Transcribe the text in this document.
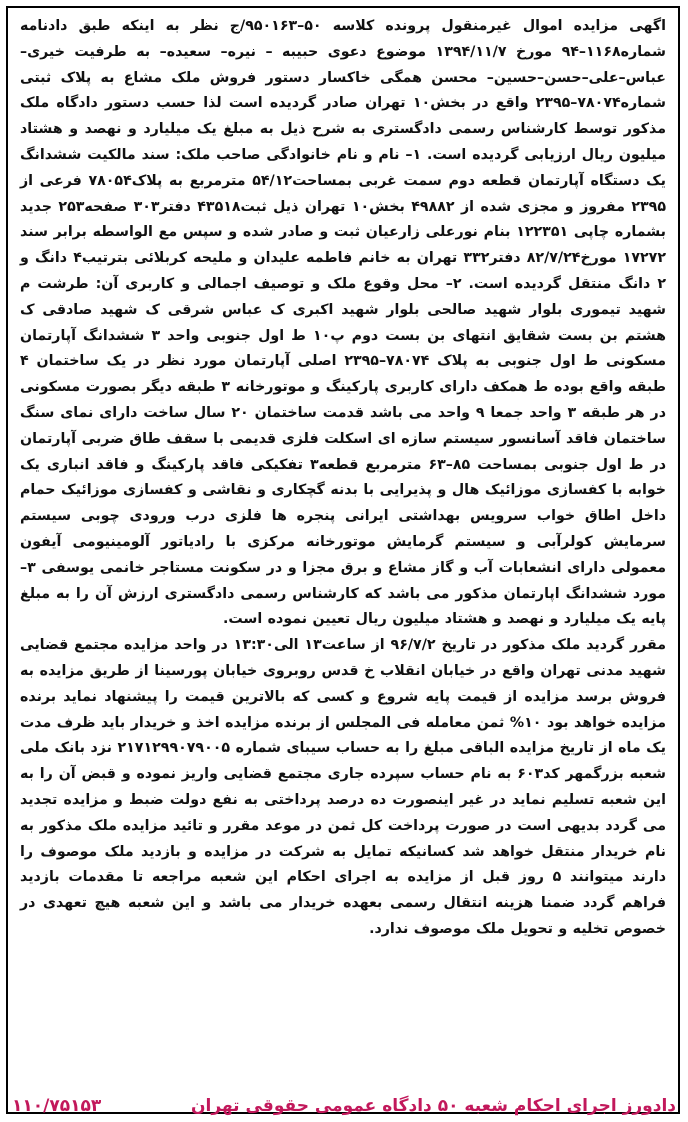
اگهی مزایده اموال غیرمنقول پرونده کلاسه ۵۰–۹۵۰۱۶۳/ج نظر به اینکه طبق دادنامه شماره۱۱۶۸–۹۴ مورخ ۱۳۹۴/۱۱/۷ موضوع دعوی حبیبه – نیره– سعیده– به طرفیت خیری– عباس–علی–حسن–حسین– محسن همگی خاکسار دستور فروش ملک مشاع به پلاک ثبتی شماره۷۸۰۷۴–۲۳۹۵ واقع در بخش۱۰ تهران صادر گردیده است لذا حسب دستور دادگاه ملک مذکور توسط کارشناس رسمی دادگستری به شرح ذیل به مبلغ یک میلیارد و نهصد و هشتاد میلیون ریال ارزیابی گردیده است. ۱– نام و نام خانوادگی صاحب ملک: سند مالکیت ششدانگ یک دستگاه آپارتمان قطعه دوم سمت غربی بمساحت۵۴/۱۲ مترمربع به پلاک۷۸۰۵۴ فرعی از ۲۳۹۵ مفروز و مجزی شده از ۴۹۸۸۲ بخش۱۰ تهران ذیل ثبت۴۳۵۱۸ دفتر۳۰۳ صفحه۲۵۳ جدید بشماره چاپی ۱۲۲۳۵۱ بنام نورعلی زارعیان ثبت و صادر شده و سپس مع الواسطه برابر سند ۱۷۲۷۲ مورخ۸۲/۷/۲۴ دفتر۳۳۲ تهران به خانم فاطمه علیدان و ملیحه کربلائی بترتیب۴ دانگ و ۲ دانگ منتقل گردیده است. ۲– محل وقوع ملک و توصیف اجمالی و کاربری آن: طرشت م شهید تیموری بلوار شهید صالحی بلوار شهید اکبری ک عباس شرقی ک شهید صادقی ک هشتم بن بست شقایق انتهای بن بست دوم پ۱۰ ط اول جنوبی واحد ۳ ششدانگ آپارتمان مسکونی ط اول جنوبی به پلاک ۷۸۰۷۴–۲۳۹۵ اصلی آپارتمان مورد نظر در یک ساختمان ۴ طبقه واقع بوده ط همکف دارای کاربری پارکینگ و موتورخانه ۳ طبقه دیگر بصورت مسکونی در هر طبقه ۳ واحد جمعا ۹ واحد می باشد قدمت ساختمان ۲۰ سال ساخت دارای نمای سنگ ساختمان فاقد آسانسور سیستم سازه ای اسکلت فلزی قدیمی با سقف طاق ضربی آپارتمان در ط اول جنوبی بمساحت ۸۵–۶۳ مترمربع قطعه۳ تفکیکی فاقد پارکینگ و فاقد انباری یک خوابه با کفسازی موزائیک هال و پذیرایی با بدنه گچکاری و نقاشی و کفسازی موزائیک حمام داخل اطاق خواب سرویس بهداشتی ایرانی پنجره ها فلزی درب ورودی چوبی سیستم سرمایش کولرآبی و سیستم گرمایش موتورخانه مرکزی با رادیاتور آلومینیومی آیفون معمولی دارای انشعابات آب و گاز مشاع و برق مجزا و در سکونت مستاجر خانمی یوسفی ۳– مورد ششدانگ اپارتمان مذکور می باشد که کارشناس رسمی دادگستری ارزش آن را به مبلغ پایه یک میلیارد و نهصد و هشتاد میلیون ریال تعیین نموده است.

مقرر گردید ملک مذکور در تاریخ ۹۶/۷/۲ از ساعت۱۳ الی۱۳:۳۰ در واحد مزایده مجتمع قضایی شهید مدنی تهران واقع در خیابان انقلاب خ قدس روبروی خیابان پورسینا از طریق مزایده به فروش برسد مزایده از قیمت پایه شروع و کسی که بالاترین قیمت را پیشنهاد نماید برنده مزایده خواهد بود ۱۰% ثمن معامله فی المجلس از برنده مزایده اخذ و خریدار باید ظرف مدت یک ماه از تاریخ مزایده الباقی مبلغ را به حساب سیبای شماره ۲۱۷۱۲۹۹۰۷۹۰۰۵ نزد بانک ملی شعبه بزرگمهر کد۶۰۳ به نام حساب سپرده جاری مجتمع قضایی واریز نموده و قبض آن را به این شعبه تسلیم نماید در غیر اینصورت ده درصد پرداختی به نفع دولت ضبط و مزایده تجدید می گردد بدیهی است در صورت پرداخت کل ثمن در موعد مقرر و تائید مزایده ملک مذکور به نام خریدار منتقل خواهد شد کسانیکه تمایل به شرکت در مزایده و بازدید ملک موصوف را دارند میتوانند ۵ روز قبل از مزایده به اجرای احکام این شعبه مراجعه تا مقدمات بازدید فراهم گردد ضمنا هزینه انتقال رسمی بعهده خریدار می باشد و این شعبه هیچ تعهدی در خصوص تخلیه و تحویل ملک موصوف ندارد.

دادورز اجرای احکام شعبه ۵۰ دادگاه عمومی حقوقی تهران
۱۱۰/۷۵۱۵۳
